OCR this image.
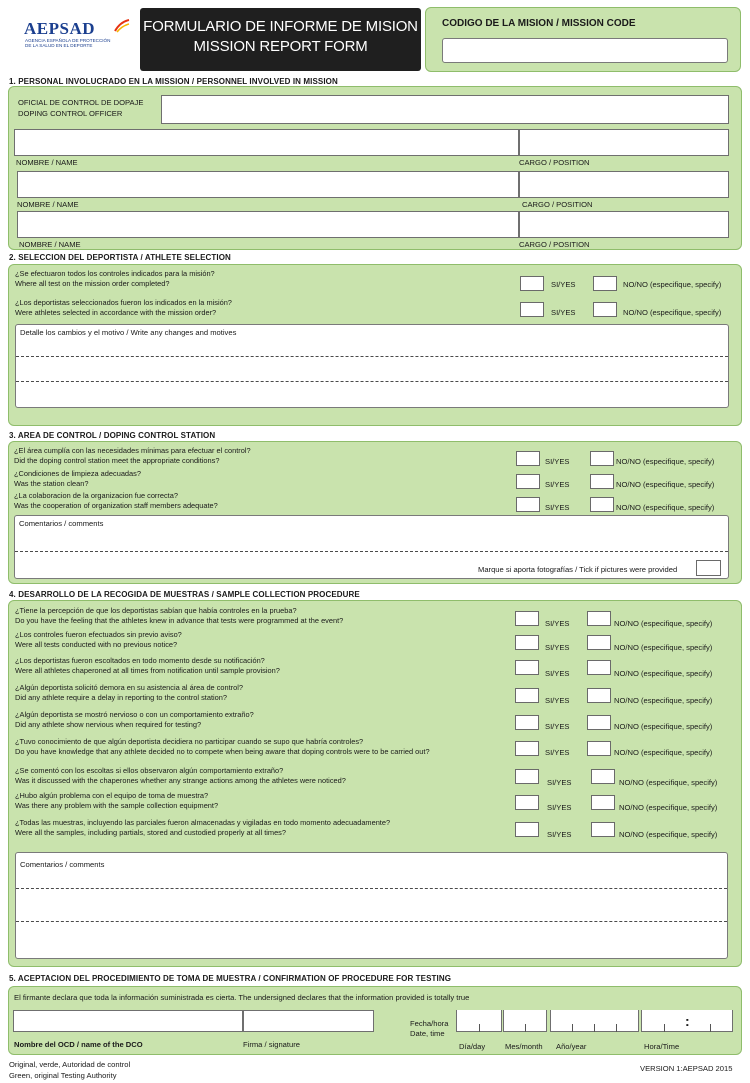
AEPSAD
AGENCIA ESPAÑOLA DE PROTECCIÓN
DE LA SALUD EN EL DEPORTE
FORMULARIO DE INFORME DE MISION
MISSION REPORT FORM
CODIGO DE LA MISION / MISSION CODE
1. PERSONAL INVOLUCRADO EN LA MISSION / PERSONNEL INVOLVED IN MISSION
OFICIAL DE CONTROL DE DOPAJE
DOPING CONTROL OFFICER
NOMBRE / NAME	CARGO / POSITION
NOMBRE / NAME	CARGO / POSITION
NOMBRE / NAME	CARGO / POSITION
2. SELECCION DEL DEPORTISTA / ATHLETE SELECTION
¿Se efectuaron todos los controles indicados para la misión?
Where all test on the mission order completed?	SI/YES	NO/NO (especifique, specify)
¿Los deportistas seleccionados fueron los indicados en la misión?
Were athletes selected in accordance with the mission order?	SI/YES	NO/NO (especifique, specify)
Detalle los cambios y el motivo / Write any changes and motives
3. AREA DE CONTROL / DOPING CONTROL STATION
¿El área cumplía con las necesidades mínimas para efectuar el control?
Did the doping control station meet the appropriate conditions?	SI/YES	NO/NO (especifique, specify)
¿Condiciones de limpieza adecuadas?
Was the station clean?	SI/YES	NO/NO (especifique, specify)
¿La colaboracion de la organizacion fue correcta?
Was the cooperation of organization staff members adequate?	SI/YES	NO/NO (especifique, specify)
Comentarios / comments
Marque si aporta fotografías / Tick if pictures were provided
4. DESARROLLO DE LA RECOGIDA DE MUESTRAS / SAMPLE COLLECTION PROCEDURE
¿Tiene la percepción de que los deportistas sabían que había controles en la prueba?
Do you have the feeling that the athletes knew in advance that tests were programmed at the event?	SI/YES	NO/NO (especifique, specify)
¿Los controles fueron efectuados sin previo aviso?
Were all tests conducted with no previous notice?	SI/YES	NO/NO (especifique, specify)
¿Los deportistas fueron escoltados en todo momento desde su notificación?
Were all athletes chaperoned at all times from notification until sample provision?	SI/YES	NO/NO (especifique, specify)
¿Algún deportista solicitó demora en su asistencia al área de control?
Did any athlete require a delay in reporting to the control station?	SI/YES	NO/NO (especifique, specify)
¿Algún deportista se mostró nervioso o con un comportamiento extraño?
Did any athlete show nervious when required for testing?	SI/YES	NO/NO (especifique, specify)
¿Tuvo conocimiento de que algún deportista decidiera no participar cuando se supo que habría controles?
Do you have knowledge that any athlete decided no to compete when being aware that doping controls were to be carried out?	SI/YES	NO/NO (especifique, specify)
¿Se comentó con los escoltas si ellos observaron algún comportamiento extraño?
Was it discussed with the chaperones whether any strange actions among the athletes were noticed?	SI/YES	NO/NO (especifique, specify)
¿Hubo algún problema con el equipo de toma de muestra?
Was there any problem with the sample collection equipment?	SI/YES	NO/NO (especifique, specify)
¿Todas las muestras, incluyendo las parciales fueron almacenadas y vigiladas en todo momento adecuadamente?
Were all the samples, including partials, stored and custodied properly at all times?	SI/YES	NO/NO (especifique, specify)
Comentarios / comments
5. ACEPTACION DEL PROCEDIMIENTO DE TOMA DE MUESTRA / CONFIRMATION OF PROCEDURE FOR TESTING
El firmante declara que toda la información suministrada es cierta. The undersigned declares that the information provided is totally true
Nombre del OCD / name of the DCO	Firma / signature
Fecha/hora
Date, time
:
Día/day	Mes/month Año/year	Hora/Time
Original, verde, Autoridad de control
Green, original Testing Authority
VERSION 1:AEPSAD 2015
